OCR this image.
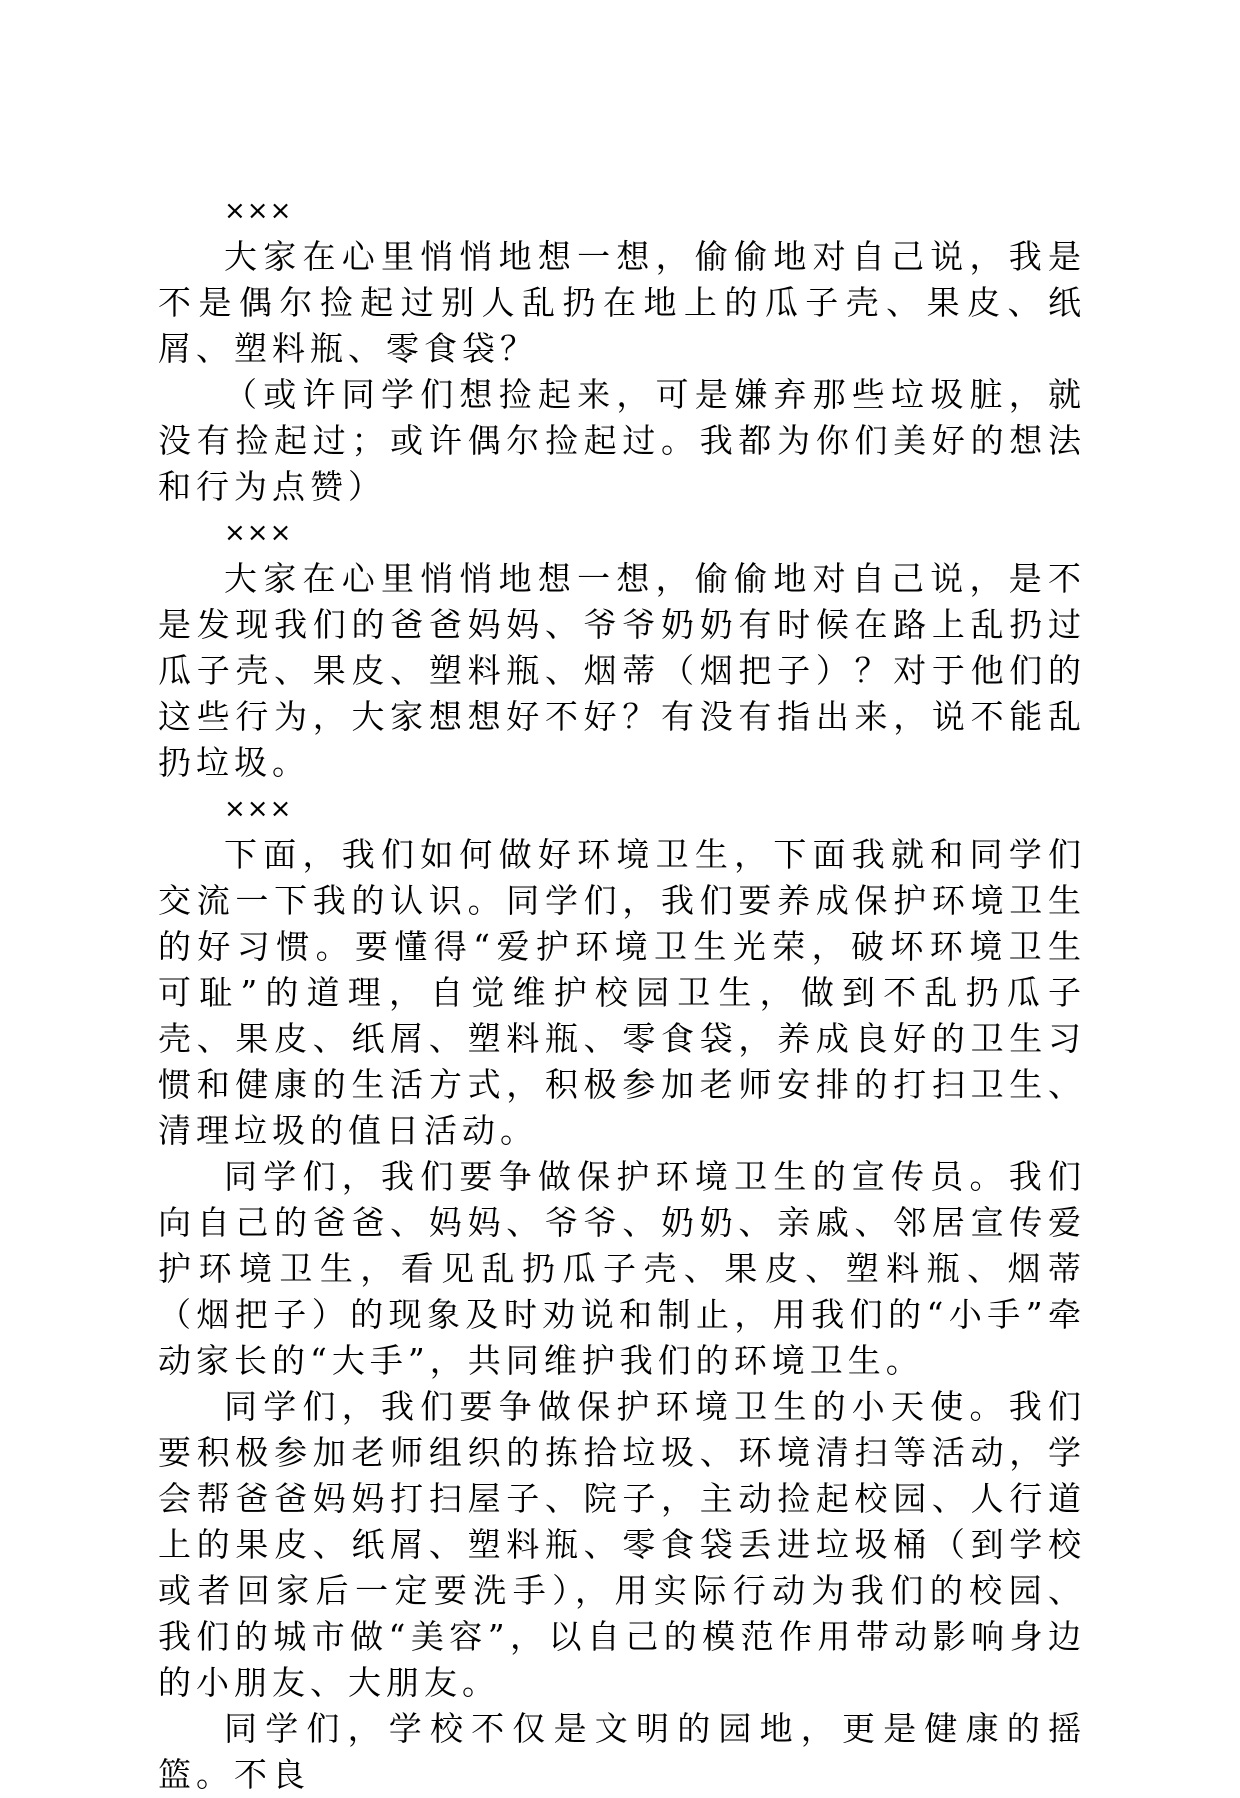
×××

大家在心里悄悄地想一想，偷偷地对自己说，我是不是偶尔捡起过别人乱扔在地上的瓜子壳、果皮、纸屑、塑料瓶、零食袋？

（或许同学们想捡起来，可是嫌弃那些垃圾脏，就没有捡起过；或许偶尔捡起过。我都为你们美好的想法和行为点赞）

×××

大家在心里悄悄地想一想，偷偷地对自己说，是不是发现我们的爸爸妈妈、爷爷奶奶有时候在路上乱扔过瓜子壳、果皮、塑料瓶、烟蒂（烟把子）？对于他们的这些行为，大家想想好不好？有没有指出来，说不能乱扔垃圾。

×××

下面，我们如何做好环境卫生，下面我就和同学们交流一下我的认识。同学们，我们要养成保护环境卫生的好习惯。要懂得“爱护环境卫生光荣，破坏环境卫生可耻”的道理，自觉维护校园卫生，做到不乱扔瓜子壳、果皮、纸屑、塑料瓶、零食袋，养成良好的卫生习惯和健康的生活方式，积极参加老师安排的打扫卫生、清理垃圾的值日活动。

同学们，我们要争做保护环境卫生的宣传员。我们向自己的爸爸、妈妈、爷爷、奶奶、亲戚、邻居宣传爱护环境卫生，看见乱扔瓜子壳、果皮、塑料瓶、烟蒂（烟把子）的现象及时劝说和制止，用我们的“小手”牵动家长的“大手”，共同维护我们的环境卫生。

同学们，我们要争做保护环境卫生的小天使。我们要积极参加老师组织的拣拾垃圾、环境清扫等活动，学会帮爸爸妈妈打扫屋子、院子，主动捡起校园、人行道上的果皮、纸屑、塑料瓶、零食袋丢进垃圾桶（到学校或者回家后一定要洗手），用实际行动为我们的校园、我们的城市做“美容”，以自己的模范作用带动影响身边的小朋友、大朋友。

同学们，学校不仅是文明的园地，更是健康的摇篮。不良
